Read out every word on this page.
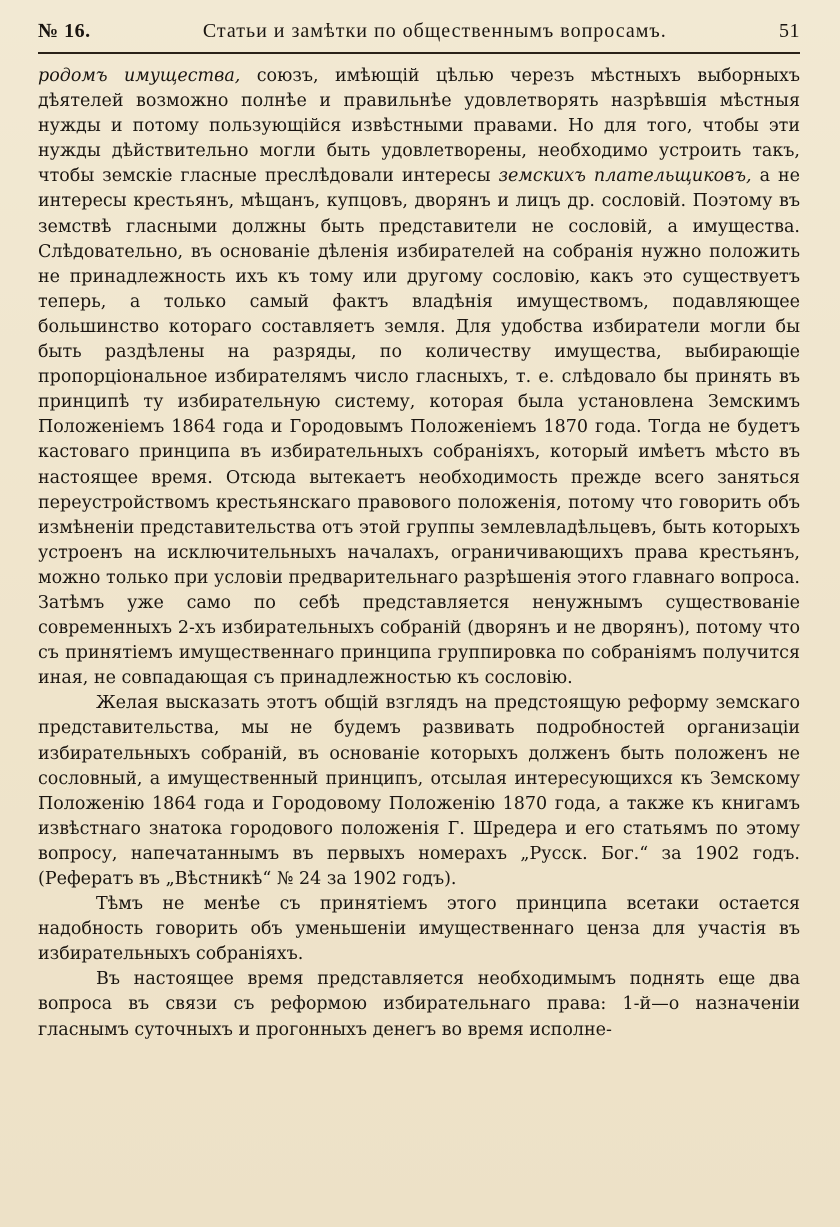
№ 16.	Статьи и замѣтки по общественнымъ вопросамъ.	51

родомъ имущества, союзъ, имѣющій цѣлью черезъ мѣстныхъ выборныхъ дѣятелей возможно полнѣе и правильнѣе удовлетворять назрѣвшія мѣстныя нужды и потому пользующійся извѣстными правами. Но для того, чтобы эти нужды дѣйствительно могли быть удовлетворены, необходимо устроить такъ, чтобы земскіе гласные преслѣдовали интересы земскихъ плательщиковъ, а не интересы крестьянъ, мѣщанъ, купцовъ, дворянъ и лицъ др. сословій. Поэтому въ земствѣ гласными должны быть представители не сословій, а имущества. Слѣдовательно, въ основаніе дѣленія избирателей на собранія нужно положить не принадлежность ихъ къ тому или другому сословію, какъ это существуетъ теперь, а только самый фактъ владѣнія имуществомъ, подавляющее большинство котораго составляетъ земля. Для удобства избиратели могли бы быть раздѣлены на разряды, по количеству имущества, выбирающіе пропорціональное избирателямъ число гласныхъ, т. е. слѣдовало бы принять въ принципѣ ту избирательную систему, которая была установлена Земскимъ Положеніемъ 1864 года и Городовымъ Положеніемъ 1870 года. Тогда не будетъ кастоваго принципа въ избирательныхъ собраніяхъ, который имѣетъ мѣсто въ настоящее время. Отсюда вытекаетъ необходимость прежде всего заняться переустройствомъ крестьянскаго правового положенія, потому что говорить объ измѣненіи представительства отъ этой группы землевладѣльцевъ, быть которыхъ устроенъ на исключительныхъ началахъ, ограничивающихъ права крестьянъ, можно только при условіи предварительнаго разрѣшенія этого главнаго вопроса. Затѣмъ уже само по себѣ представляется ненужнымъ существованіе современныхъ 2-хъ избирательныхъ собраній (дворянъ и не дворянъ), потому что съ принятіемъ имущественнаго принципа группировка по собраніямъ получится иная, не совпадающая съ принадлежностью къ сословію.

Желая высказать этотъ общій взглядъ на предстоящую реформу земскаго представительства, мы не будемъ развивать подробностей организаціи избирательныхъ собраній, въ основаніе которыхъ долженъ быть положенъ не сословный, а имущественный принципъ, отсылая интересующихся къ Земскому Положенію 1864 года и Городовому Положенію 1870 года, а также къ книгамъ извѣстнаго знатока городового положенія Г. Шредера и его статьямъ по этому вопросу, напечатаннымъ въ первыхъ номерахъ „Русск. Бог.“ за 1902 годъ. (Рефератъ въ „Вѣстникѣ“ № 24 за 1902 годъ).

Тѣмъ не менѣе съ принятіемъ этого принципа всетаки остается надобность говорить объ уменьшеніи имущественнаго ценза для участія въ избирательныхъ собраніяхъ.

Въ настоящее время представляется необходимымъ поднять еще два вопроса въ связи съ реформою избирательнаго права: 1-й—о назначеніи гласнымъ суточныхъ и прогонныхъ денегъ во время исполне-
